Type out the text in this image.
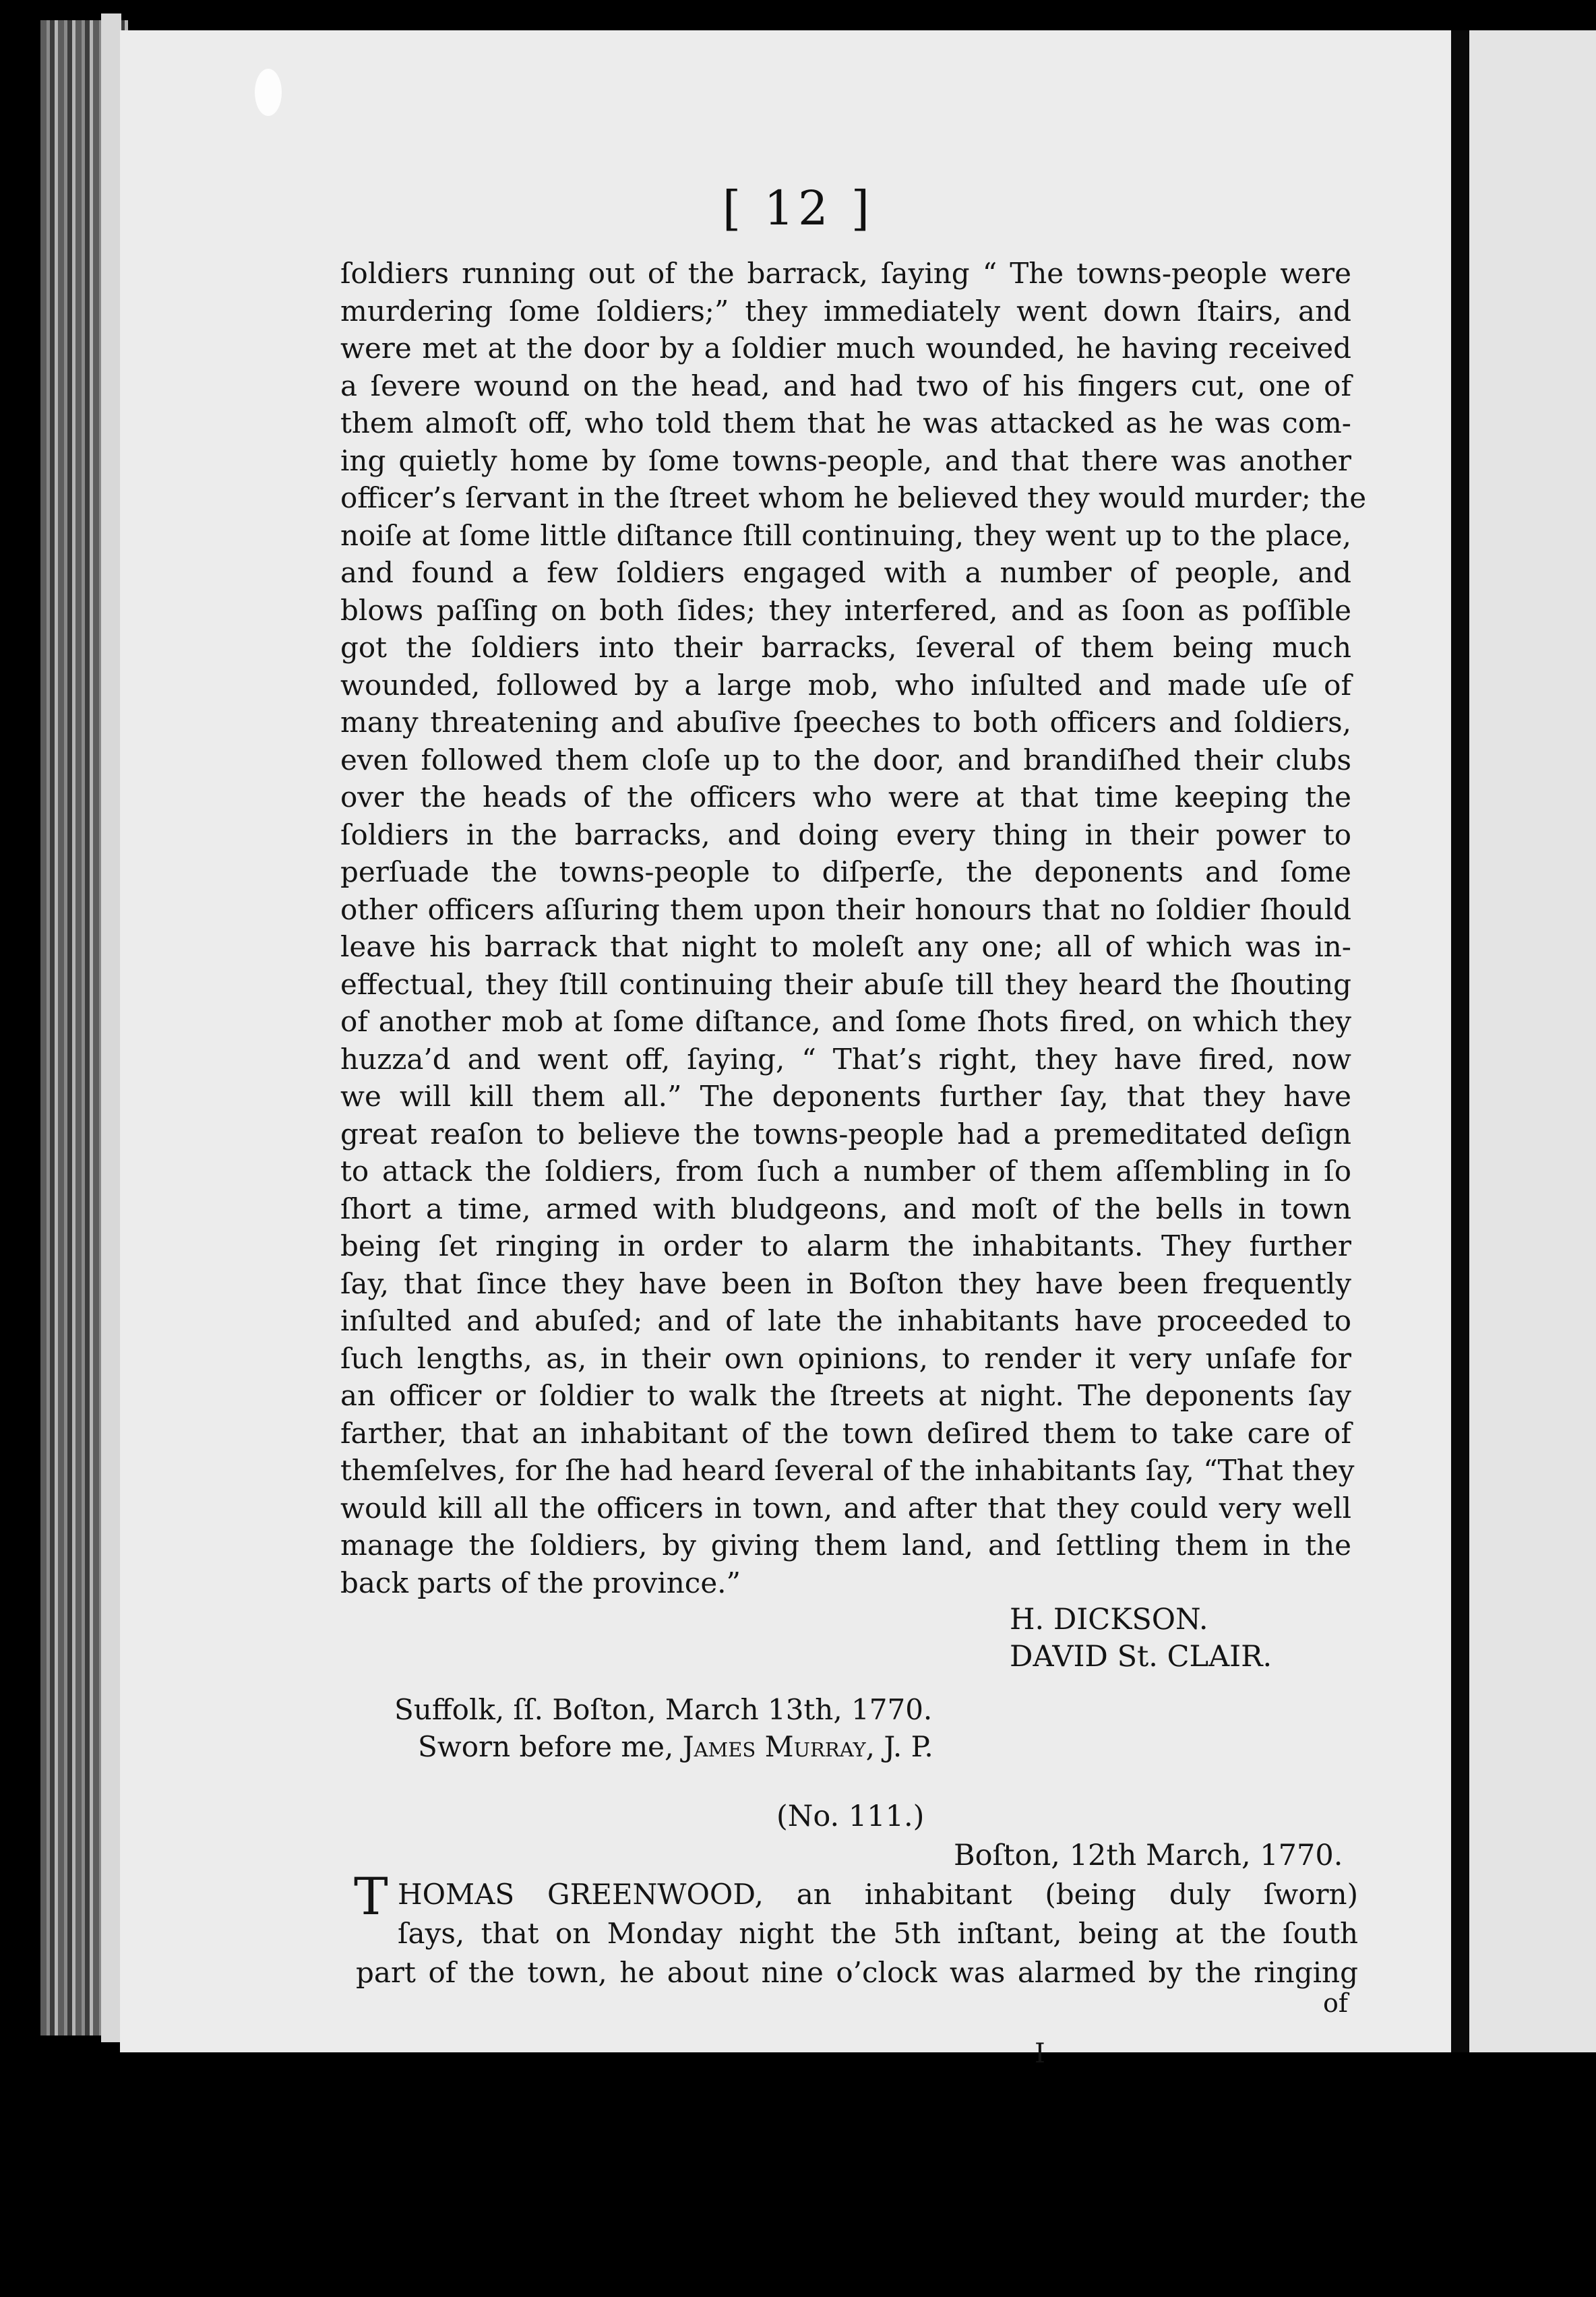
[ 12 ]
ſoldiers running out of the barrack, ſaying “ The towns-people were
murdering ſome ſoldiers;” they immediately went down ſtairs, and
were met at the door by a ſoldier much wounded, he having received
a ſevere wound on the head, and had two of his fingers cut, one of
them almoſt off, who told them that he was attacked as he was com-
ing quietly home by ſome towns-people, and that there was another
officer’s ſervant in the ſtreet whom he believed they would murder; the
noiſe at ſome little diſtance ſtill continuing, they went up to the place,
and found a few ſoldiers engaged with a number of people, and
blows paſſing on both ſides; they interfered, and as ſoon as poſſible
got the ſoldiers into their barracks, ſeveral of them being much
wounded, followed by a large mob, who inſulted and made uſe of
many threatening and abuſive ſpeeches to both officers and ſoldiers,
even followed them cloſe up to the door, and brandiſhed their clubs
over the heads of the officers who were at that time keeping the
ſoldiers in the barracks, and doing every thing in their power to
perſuade the towns-people to diſperſe, the deponents and ſome
other officers aſſuring them upon their honours that no ſoldier ſhould
leave his barrack that night to moleſt any one; all of which was in-
effectual, they ſtill continuing their abuſe till they heard the ſhouting
of another mob at ſome diſtance, and ſome ſhots fired, on which they
huzza’d and went off, ſaying, “ That’s right, they have fired, now
we will kill them all.” The deponents further ſay, that they have
great reaſon to believe the towns-people had a premeditated deſign
to attack the ſoldiers, from ſuch a number of them aſſembling in ſo
ſhort a time, armed with bludgeons, and moſt of the bells in town
being ſet ringing in order to alarm the inhabitants. They further
ſay, that ſince they have been in Boſton they have been frequently
inſulted and abuſed; and of late the inhabitants have proceeded to
ſuch lengths, as, in their own opinions, to render it very unſafe for
an officer or ſoldier to walk the ſtreets at night. The deponents ſay
farther, that an inhabitant of the town deſired them to take care of
themſelves, for ſhe had heard ſeveral of the inhabitants ſay, “That they
would kill all the officers in town, and after that they could very well
manage the ſoldiers, by giving them land, and ſettling them in the
back parts of the province.”
H. DICKSON.
DAVID St. CLAIR.
Suffolk, ſſ. Boſton, March 13th, 1770.
Sworn before me, James Murray, J. P.
(No. 111.)
Boſton, 12th March, 1770.
T HOMAS GREENWOOD, an inhabitant (being duly ſworn)
ſays, that on Monday night the 5th inſtant, being at the ſouth
part of the town, he about nine o’clock was alarmed by the ringing
of
I
